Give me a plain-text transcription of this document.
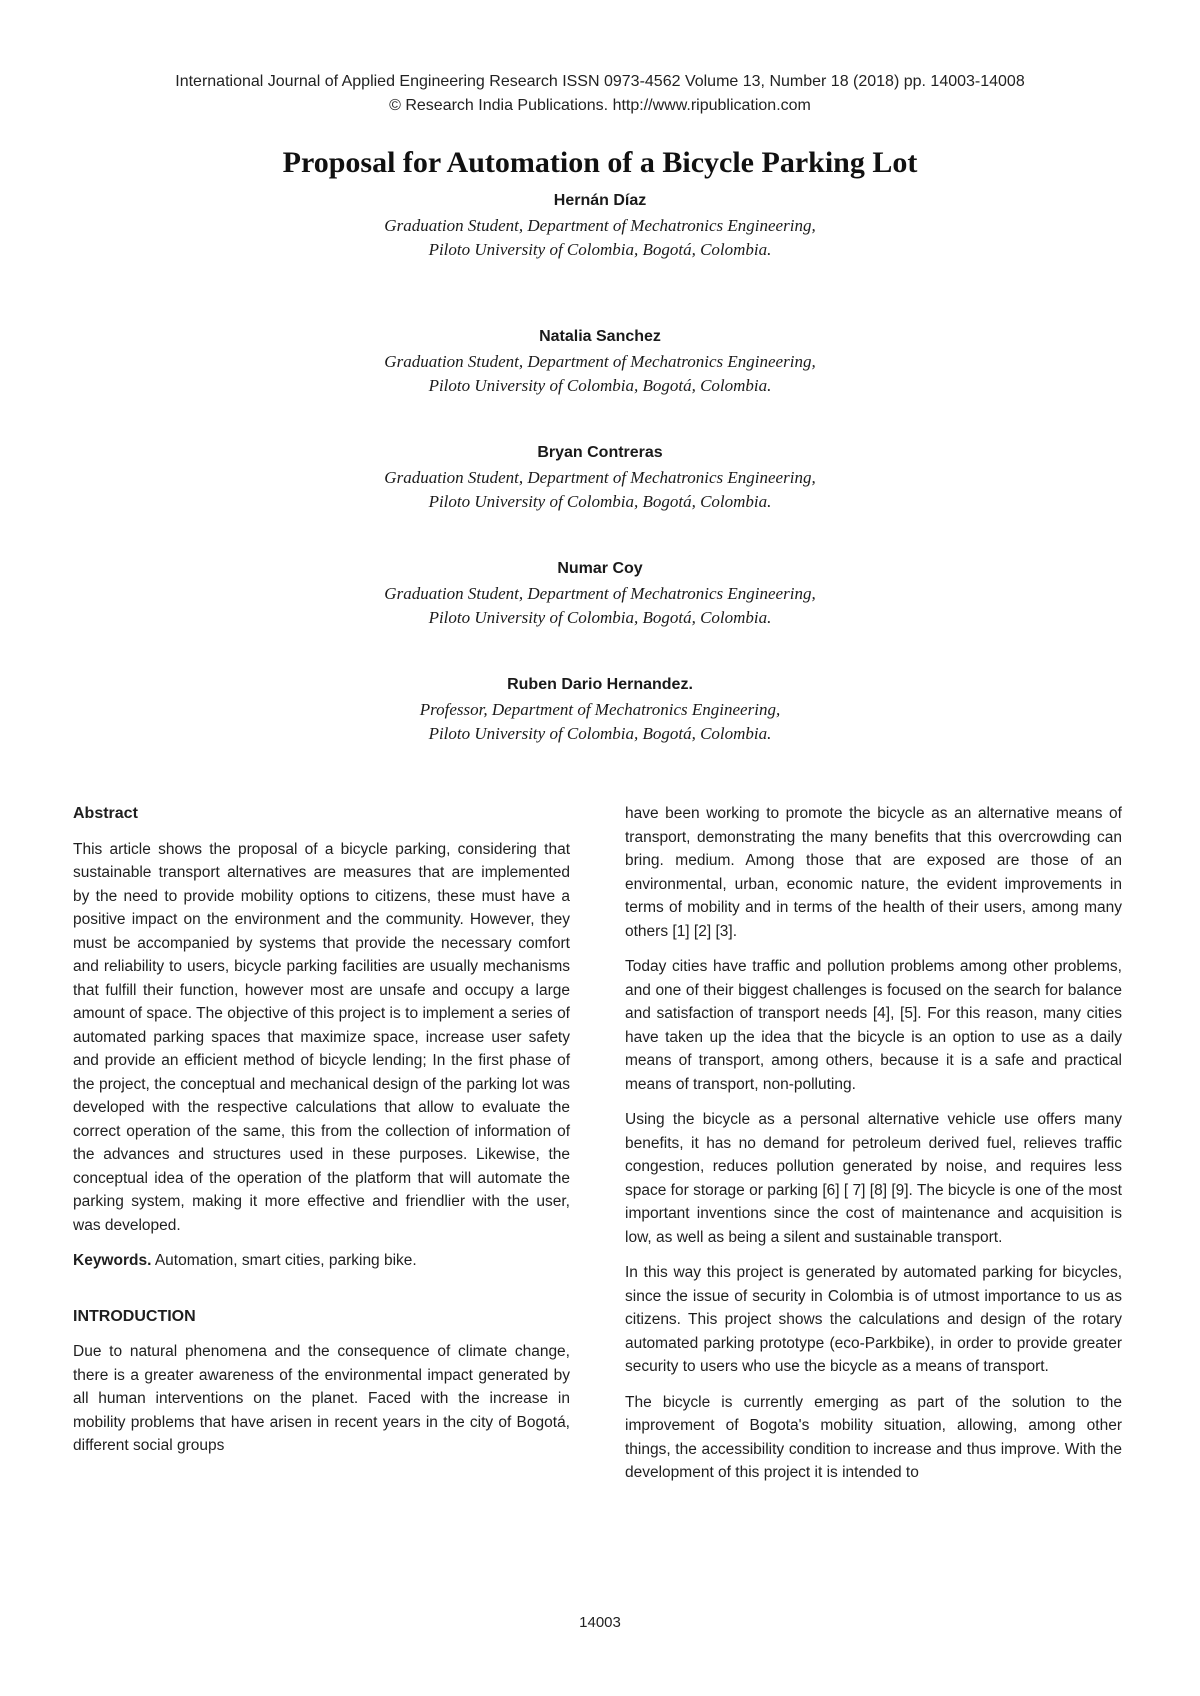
International Journal of Applied Engineering Research ISSN 0973-4562 Volume 13, Number 18 (2018) pp. 14003-14008
© Research India Publications. http://www.ripublication.com
Proposal for Automation of a Bicycle Parking Lot
Hernán Díaz
Graduation Student, Department of Mechatronics Engineering,
Piloto University of Colombia, Bogotá, Colombia.
Natalia Sanchez
Graduation Student, Department of Mechatronics Engineering,
Piloto University of Colombia, Bogotá, Colombia.
Bryan Contreras
Graduation Student, Department of Mechatronics Engineering,
Piloto University of Colombia, Bogotá, Colombia.
Numar Coy
Graduation Student, Department of Mechatronics Engineering,
Piloto University of Colombia, Bogotá, Colombia.
Ruben Dario Hernandez.
Professor, Department of Mechatronics Engineering,
Piloto University of Colombia, Bogotá, Colombia.
Abstract

This article shows the proposal of a bicycle parking, considering that sustainable transport alternatives are measures that are implemented by the need to provide mobility options to citizens, these must have a positive impact on the environment and the community. However, they must be accompanied by systems that provide the necessary comfort and reliability to users, bicycle parking facilities are usually mechanisms that fulfill their function, however most are unsafe and occupy a large amount of space. The objective of this project is to implement a series of automated parking spaces that maximize space, increase user safety and provide an efficient method of bicycle lending; In the first phase of the project, the conceptual and mechanical design of the parking lot was developed with the respective calculations that allow to evaluate the correct operation of the same, this from the collection of information of the advances and structures used in these purposes. Likewise, the conceptual idea of the operation of the platform that will automate the parking system, making it more effective and friendlier with the user, was developed.

Keywords. Automation, smart cities, parking bike.

INTRODUCTION

Due to natural phenomena and the consequence of climate change, there is a greater awareness of the environmental impact generated by all human interventions on the planet. Faced with the increase in mobility problems that have arisen in recent years in the city of Bogotá, different social groups

have been working to promote the bicycle as an alternative means of transport, demonstrating the many benefits that this overcrowding can bring. medium. Among those that are exposed are those of an environmental, urban, economic nature, the evident improvements in terms of mobility and in terms of the health of their users, among many others [1] [2] [3].

Today cities have traffic and pollution problems among other problems, and one of their biggest challenges is focused on the search for balance and satisfaction of transport needs [4], [5]. For this reason, many cities have taken up the idea that the bicycle is an option to use as a daily means of transport, among others, because it is a safe and practical means of transport, non-polluting.

Using the bicycle as a personal alternative vehicle use offers many benefits, it has no demand for petroleum derived fuel, relieves traffic congestion, reduces pollution generated by noise, and requires less space for storage or parking [6] [ 7] [8] [9]. The bicycle is one of the most important inventions since the cost of maintenance and acquisition is low, as well as being a silent and sustainable transport.

In this way this project is generated by automated parking for bicycles, since the issue of security in Colombia is of utmost importance to us as citizens. This project shows the calculations and design of the rotary automated parking prototype (eco-Parkbike), in order to provide greater security to users who use the bicycle as a means of transport.

The bicycle is currently emerging as part of the solution to the improvement of Bogota's mobility situation, allowing, among other things, the accessibility condition to increase and thus improve. With the development of this project it is intended to

14003
